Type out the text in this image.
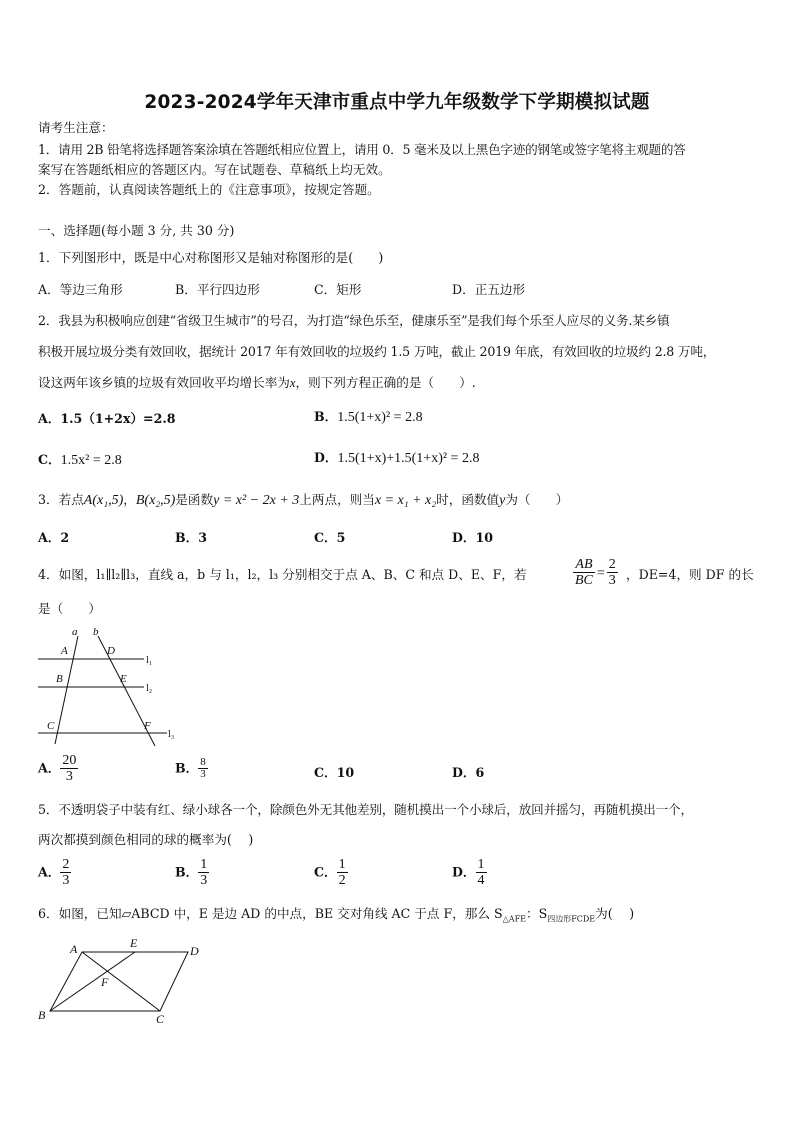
2023-2024学年天津市重点中学九年级数学下学期模拟试题
请考生注意：
1．请用 2B 铅笔将选择题答案涂填在答题纸相应位置上，请用 0．5 毫米及以上黑色字迹的钢笔或签字笔将主观题的答
案写在答题纸相应的答题区内。写在试题卷、草稿纸上均无效。
2．答题前，认真阅读答题纸上的《注意事项》，按规定答题。
一、选择题(每小题 3 分, 共 30 分)
1．下列图形中，既是中心对称图形又是轴对称图形的是(　　)
A．等边三角形	B．平行四边形	C．矩形	D．正五边形
2．我县为积极响应创建“省级卫生城市”的号召，为打造“绿色乐至，健康乐至”是我们每个乐至人应尽的义务.某乡镇
积极开展垃圾分类有效回收，据统计 2017 年有效回收的垃圾约 1.5 万吨，截止 2019 年底，有效回收的垃圾约 2.8 万吨，
设这两年该乡镇的垃圾有效回收平均增长率为x，则下列方程正确的是（　　）.
A．1.5（1+2x）=2.8	B．1.5(1+x)² = 2.8
C．1.5x² = 2.8	D．1.5(1+x)+1.5(1+x)² = 2.8
3．若点A(x₁,5)，B(x₂,5)是函数y = x² − 2x + 3上两点，则当x = x₁ + x₂时，函数值y为（　　）
A．2	B．3	C．5	D．10
4．如图，l₁∥l₂∥l₃，直线 a，b 与 l₁，l₂，l₃ 分别相交于点 A、B、C 和点 D、E、F，若	$\frac{AB}{BC} = \frac{2}{3}$ ，DE=4，则 DF 的长
是（　　）
a b
A	D
B	E
C	F
l₁
l₂
l₃
A． $\frac{20}{3}$	B． $\frac{8}{3}$	C．10	D．6
5．不透明袋子中装有红、绿小球各一个，除颜色外无其他差别，随机摸出一个小球后，放回并摇匀，再随机摸出一个，
两次都摸到颜色相同的球的概率为(　 )
A． $\frac{2}{3}$	B． $\frac{1}{3}$	C． $\frac{1}{2}$	D． $\frac{1}{4}$
6．如图，已知▱ABCD 中，E 是边 AD 的中点，BE 交对角线 AC 于点 F，那么 $S_{\triangle AFE}$：$S_{四边形FCDE}$为(　 )
A	E
D
F
B	C
